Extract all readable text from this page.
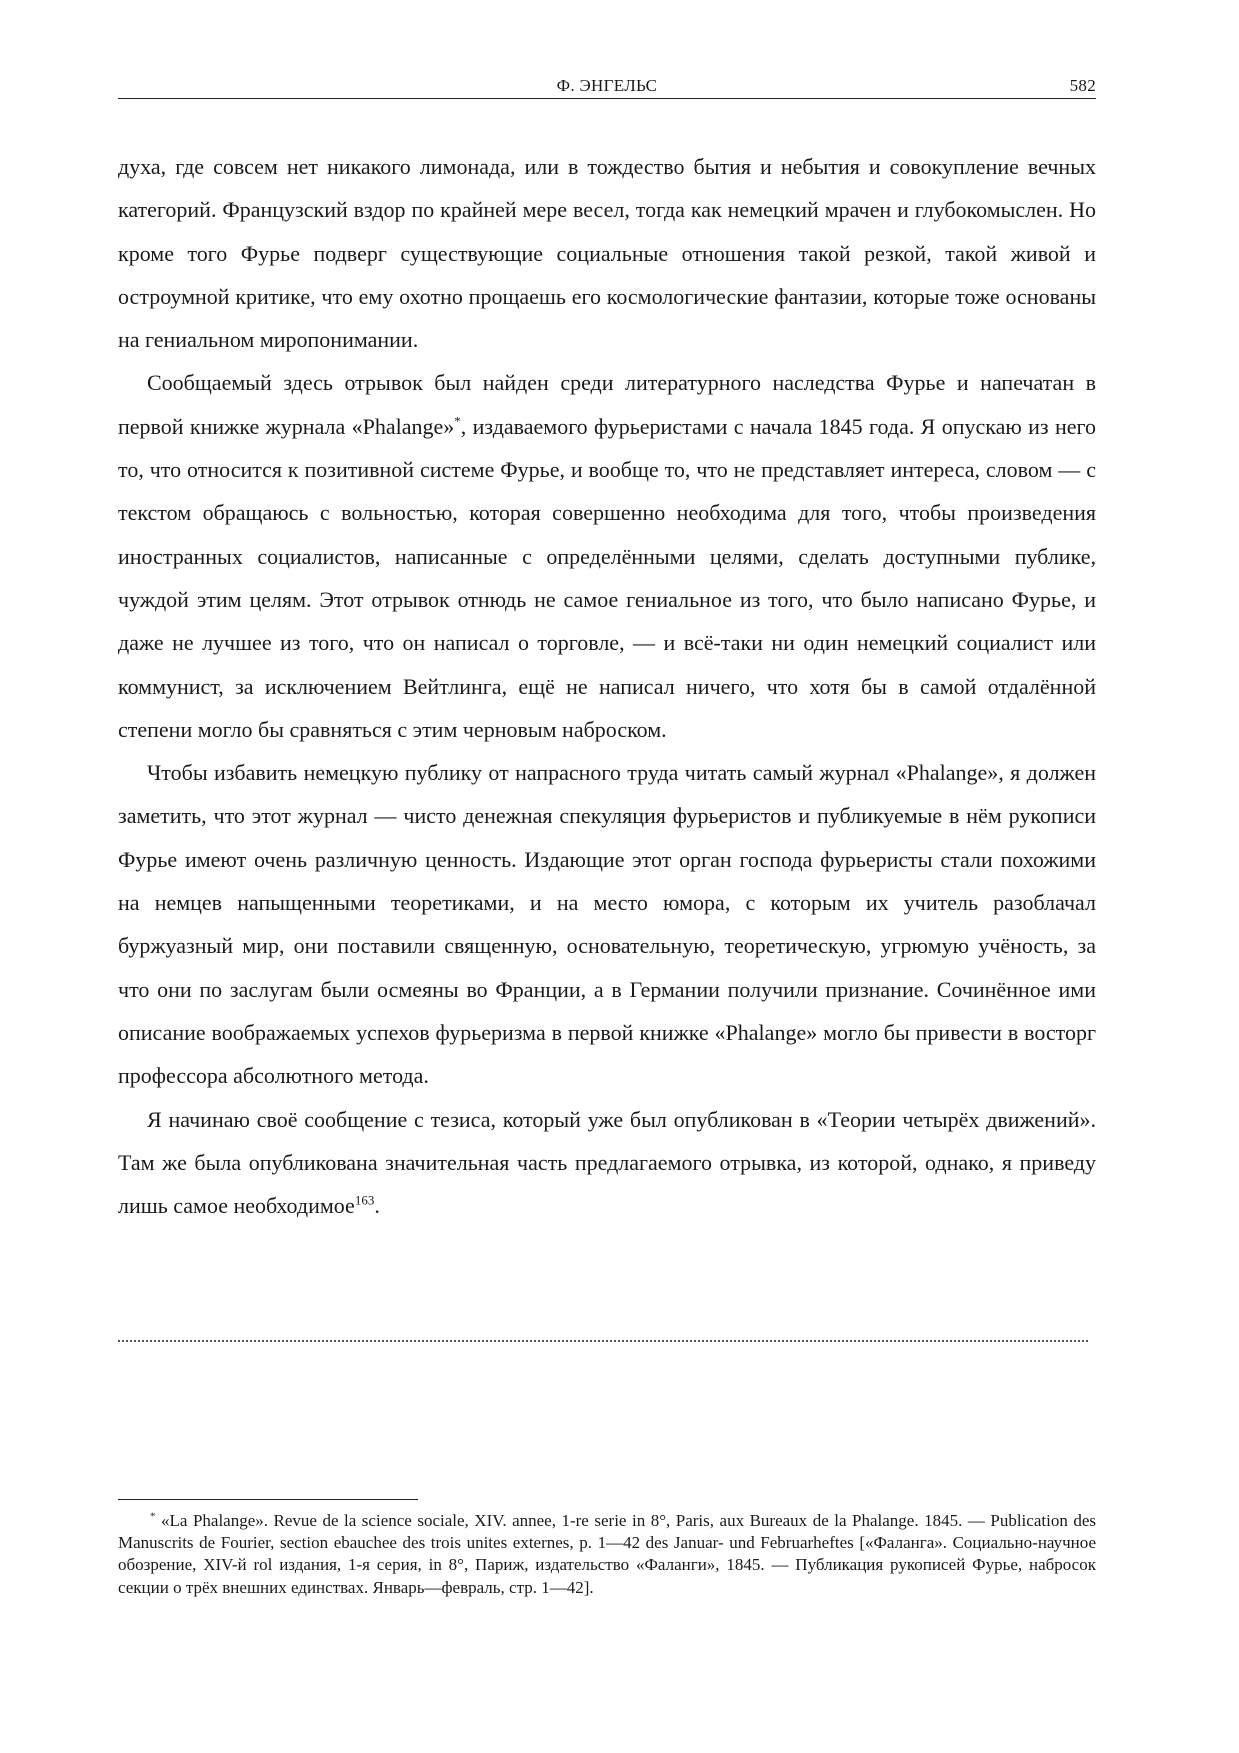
Ф. ЭНГЕЛЬС	582

духа, где совсем нет никакого лимонада, или в тождество бытия и небытия и совокупление вечных категорий. Французский вздор по крайней мере весел, тогда как немецкий мрачен и глубокомыслен. Но кроме того Фурье подверг существующие социальные отношения такой резкой, такой живой и остроумной критике, что ему охотно прощаешь его космологические фантазии, которые тоже основаны на гениальном миропонимании.

Сообщаемый здесь отрывок был найден среди литературного наследства Фурье и напечатан в первой книжке журнала «Phalange»*, издаваемого фурьеристами с начала 1845 года. Я опускаю из него то, что относится к позитивной системе Фурье, и вообще то, что не представляет интереса, словом — с текстом обращаюсь с вольностью, которая совершенно необходима для того, чтобы произведения иностранных социалистов, написанные с определёнными целями, сделать доступными публике, чуждой этим целям. Этот отрывок отнюдь не самое гениальное из того, что было написано Фурье, и даже не лучшее из того, что он написал о торговле, — и всё-таки ни один немецкий социалист или коммунист, за исключением Вейтлинга, ещё не написал ничего, что хотя бы в самой отдалённой степени могло бы сравняться с этим черновым наброском.

Чтобы избавить немецкую публику от напрасного труда читать самый журнал «Phalange», я должен заметить, что этот журнал — чисто денежная спекуляция фурьеристов и публикуемые в нём рукописи Фурье имеют очень различную ценность. Издающие этот орган господа фурьеристы стали похожими на немцев напыщенными теоретиками, и на место юмора, с которым их учитель разоблачал буржуазный мир, они поставили священную, основательную, теоретическую, угрюмую учёность, за что они по заслугам были осмеяны во Франции, а в Германии получили признание. Сочинённое ими описание воображаемых успехов фурьеризма в первой книжке «Phalange» могло бы привести в восторг профессора абсолютного метода.

Я начинаю своё сообщение с тезиса, который уже был опубликован в «Теории четырёх движений». Там же была опубликована значительная часть предлагаемого отрывка, из которой, однако, я приведу лишь самое необходимое$^{163}$.

* «La Phalange». Revue de la science sociale, XIV. annee, 1-re serie in 8°, Paris, aux Bureaux de la Phalange. 1845. — Publication des Manuscrits de Fourier, section ebauchee des trois unites externes, p. 1—42 des Januar- und Februarheftes [«Фаланга». Социально-научное обозрение, XIV-й rol издания, 1-я серия, in 8°, Париж, издательство «Фаланги», 1845. — Публикация рукописей Фурье, набросок секции о трёх внешних единствах. Январь—февраль, стр. 1—42].
